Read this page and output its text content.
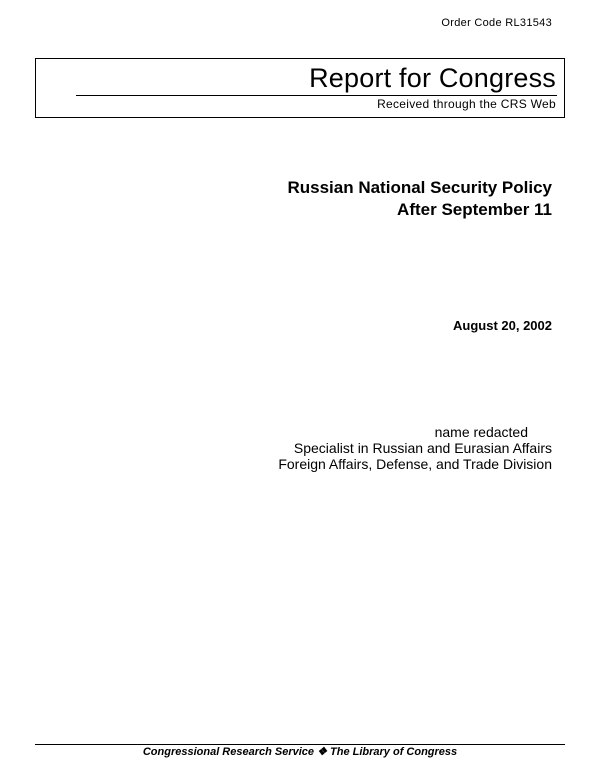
Order Code RL31543
Report for Congress
Received through the CRS Web
Russian National Security Policy
After September 11
August 20, 2002
name redacted
Specialist in Russian and Eurasian Affairs
Foreign Affairs, Defense, and Trade Division
Congressional Research Service ❖ The Library of Congress
